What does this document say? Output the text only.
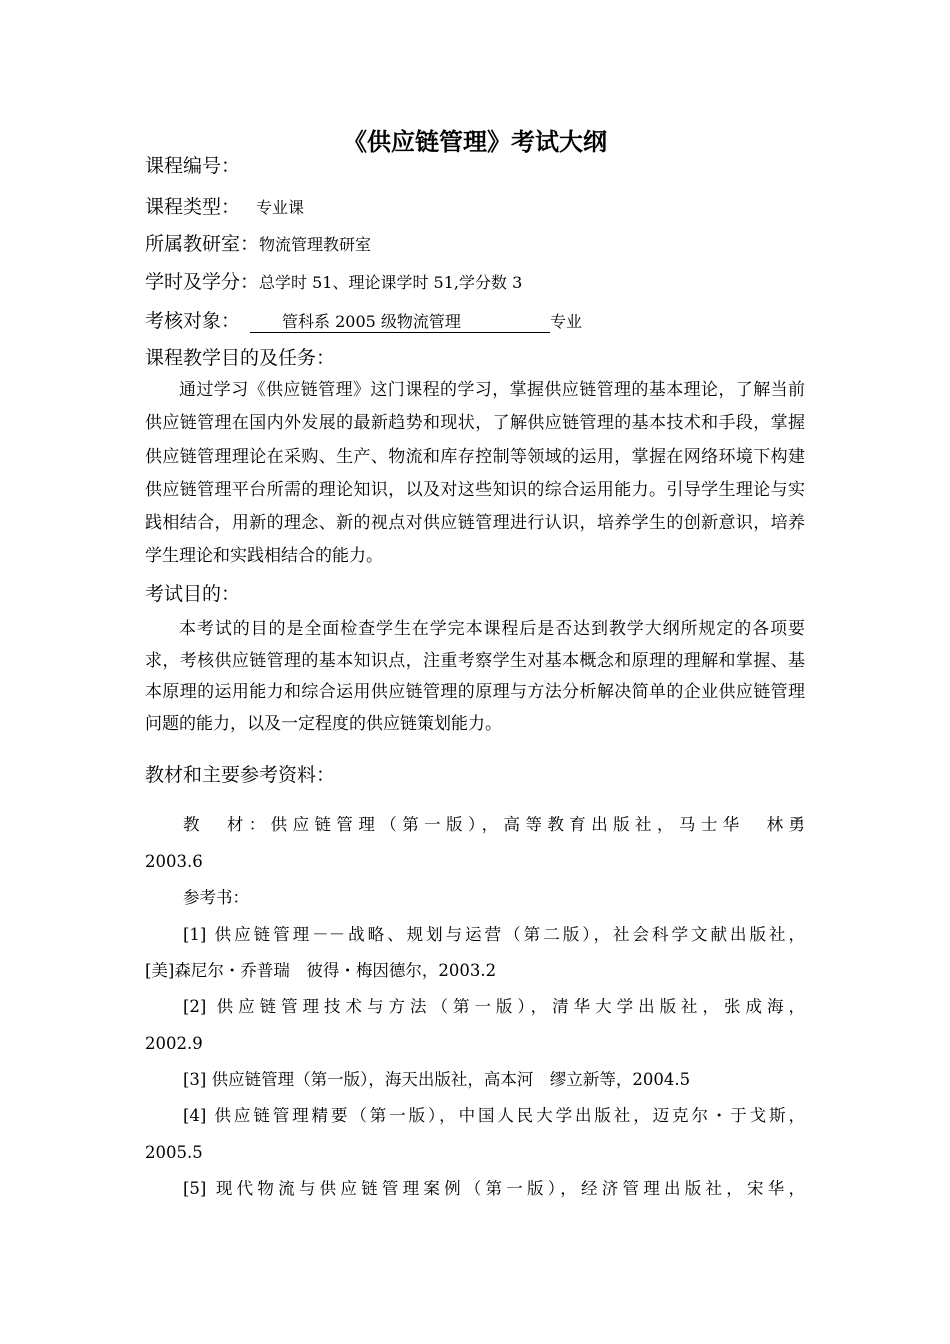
《供应链管理》考试大纲
课程编号：
课程类型： 专业课
所属教研室：物流管理教研室
学时及学分：总学时 51、理论课学时 51,学分数 3
考核对象：	管科系 2005 级物流管理	专业
课程教学目的及任务：

通过学习《供应链管理》这门课程的学习，掌握供应链管理的基本理论，了解当前供应链管理在国内外发展的最新趋势和现状，了解供应链管理的基本技术和手段，掌握供应链管理理论在采购、生产、物流和库存控制等领域的运用，掌握在网络环境下构建供应链管理平台所需的理论知识，以及对这些知识的综合运用能力。引导学生理论与实践相结合，用新的理念、新的视点对供应链管理进行认识，培养学生的创新意识，培养学生理论和实践相结合的能力。

考试目的：

本考试的目的是全面检查学生在学完本课程后是否达到教学大纲所规定的各项要求，考核供应链管理的基本知识点，注重考察学生对基本概念和原理的理解和掌握、基本原理的运用能力和综合运用供应链管理的原理与方法分析解决简单的企业供应链管理问题的能力，以及一定程度的供应链策划能力。

教材和主要参考资料：
教　材：供应链管理（第一版），高等教育出版社，马士华　林勇
2003.6
参考书：
[1] 供应链管理－－战略、规划与运营（第二版），社会科学文献出版社，
[美]森尼尔・乔普瑞　彼得・梅因德尔，2003.2
[2] 供应链管理技术与方法（第一版），清华大学出版社，张成海，
2002.9
[3] 供应链管理（第一版），海天出版社，高本河　缪立新等，2004.5
[4] 供应链管理精要（第一版），中国人民大学出版社，迈克尔・于戈斯，
2005.5
[5] 现代物流与供应链管理案例（第一版），经济管理出版社，宋华，
